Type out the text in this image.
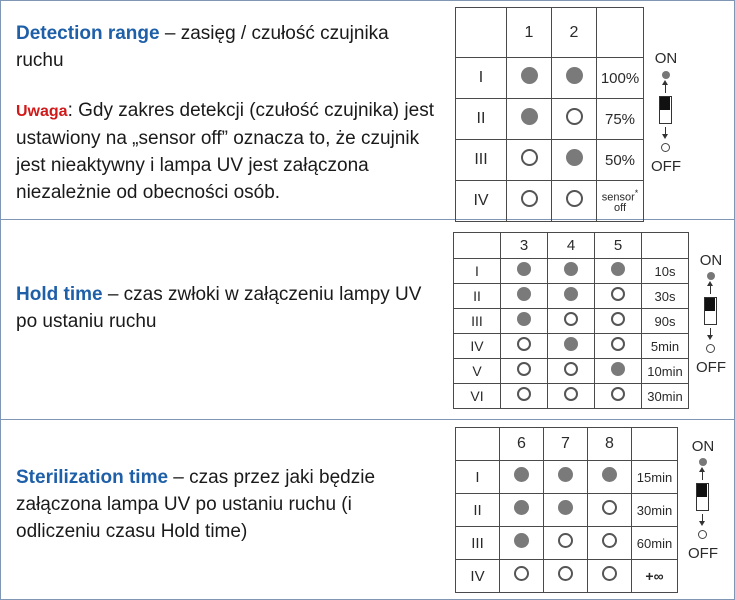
Detection range – zasięg / czułość czujnika ruchu
Uwaga: Gdy zakres detekcji (czułość czujnika) jest ustawiony na „sensor off” oznacza to, że czujnik jest nieaktywny i lampa UV jest załączona niezależnie od obecności osób.
	1	2	
I			100%
II			75%
III			50%
IV			sensor*
off
ON
OFF
Hold time – czas zwłoki w załączeniu lampy UV po ustaniu ruchu
	3	4	5	
I				10s
II				30s
III				90s
IV				5min
V				10min
VI				30min
ON
OFF
Sterilization time – czas przez jaki będzie załączona lampa UV po ustaniu ruchu (i odliczeniu czasu Hold time)
	6	7	8	
I				15min
II				30min
III				60min
IV				+∞
ON
OFF
